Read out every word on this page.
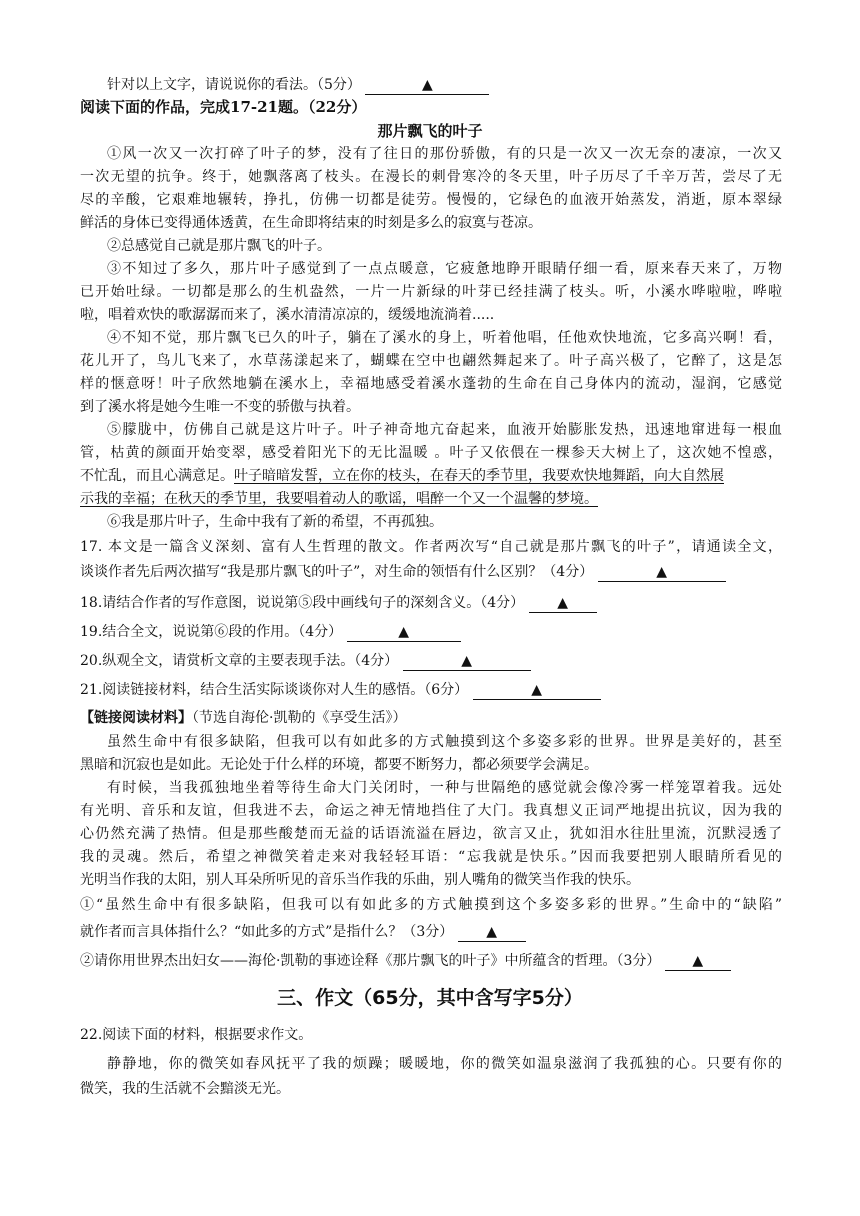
针对以上文字，请说说你的看法。（5分）	▲
阅读下面的作品，完成17-21题。（22分）
那片飘飞的叶子
①风一次又一次打碎了叶子的梦，没有了往日的那份骄傲，有的只是一次又一次无奈的凄凉，一次又
一次无望的抗争。终于，她飘落离了枝头。在漫长的刺骨寒冷的冬天里，叶子历尽了千辛万苦，尝尽了无
尽的辛酸，它艰难地辗转，挣扎，仿佛一切都是徒劳。慢慢的，它绿色的血液开始蒸发，消逝，原本翠绿
鲜活的身体已变得通体透黄，在生命即将结束的时刻是多么的寂寞与苍凉。
②总感觉自己就是那片飘飞的叶子。
③不知过了多久，那片叶子感觉到了一点点暖意，它疲惫地睁开眼睛仔细一看，原来春天来了，万物
已开始吐绿。一切都是那么的生机盎然，一片一片新绿的叶芽已经挂满了枝头。听，小溪水哗啦啦，哗啦
啦，唱着欢快的歌潺潺而来了，溪水清清凉凉的，缓缓地流淌着.....
④不知不觉，那片飘飞已久的叶子，躺在了溪水的身上，听着他唱，任他欢快地流，它多高兴啊！看，
花儿开了，鸟儿飞来了，水草荡漾起来了，蝴蝶在空中也翩然舞起来了。叶子高兴极了，它醉了，这是怎
样的惬意呀！叶子欣然地躺在溪水上，幸福地感受着溪水蓬勃的生命在自己身体内的流动，湿润，它感觉
到了溪水将是她今生唯一不变的骄傲与执着。
⑤朦胧中，仿佛自己就是这片叶子。叶子神奇地亢奋起来，血液开始膨胀发热，迅速地窜进每一根血
管，枯黄的颜面开始变翠，感受着阳光下的无比温暖 。叶子又依偎在一棵参天大树上了，这次她不惶惑，
不忙乱，而且心满意足。叶子暗暗发誓，立在你的枝头，在春天的季节里，我要欢快地舞蹈，向大自然展
示我的幸福；在秋天的季节里，我要唱着动人的歌谣，唱醉一个又一个温馨的梦境。
⑥我是那片叶子，生命中我有了新的希望，不再孤独。
17. 本文是一篇含义深刻、富有人生哲理的散文。作者两次写“自己就是那片飘飞的叶子”，请通读全文，
谈谈作者先后两次描写“我是那片飘飞的叶子”，对生命的领悟有什么区别？（4分）	▲
18.请结合作者的写作意图，说说第⑤段中画线句子的深刻含义。（4分） ▲
19.结合全文，说说第⑥段的作用。（4分）	▲
20.纵观全文，请赏析文章的主要表现手法。（4分）	▲
21.阅读链接材料，结合生活实际谈谈你对人生的感悟。（6分）	▲
【链接阅读材料】（节选自海伦·凯勒的《享受生活》）
虽然生命中有很多缺陷，但我可以有如此多的方式触摸到这个多姿多彩的世界。世界是美好的，甚至
黑暗和沉寂也是如此。无论处于什么样的环境，都要不断努力，都必须要学会满足。
有时候，当我孤独地坐着等待生命大门关闭时，一种与世隔绝的感觉就会像冷雾一样笼罩着我。远处
有光明、音乐和友谊，但我进不去，命运之神无情地挡住了大门。我真想义正词严地提出抗议，因为我的
心仍然充满了热情。但是那些酸楚而无益的话语流溢在唇边，欲言又止，犹如泪水往肚里流，沉默浸透了
我的灵魂。然后，希望之神微笑着走来对我轻轻耳语：“忘我就是快乐。”因而我要把别人眼睛所看见的
光明当作我的太阳，别人耳朵所听见的音乐当作我的乐曲，别人嘴角的微笑当作我的快乐。
①“虽然生命中有很多缺陷，但我可以有如此多的方式触摸到这个多姿多彩的世界。”生命中的“缺陷”
就作者而言具体指什么？“如此多的方式”是指什么？（3分） ▲
②请你用世界杰出妇女——海伦·凯勒的事迹诠释《那片飘飞的叶子》中所蕴含的哲理。（3分） ▲
三、作文（65分，其中含写字5分）
22.阅读下面的材料，根据要求作文。
静静地，你的微笑如春风抚平了我的烦躁；暖暖地，你的微笑如温泉滋润了我孤独的心。只要有你的
微笑，我的生活就不会黯淡无光。
